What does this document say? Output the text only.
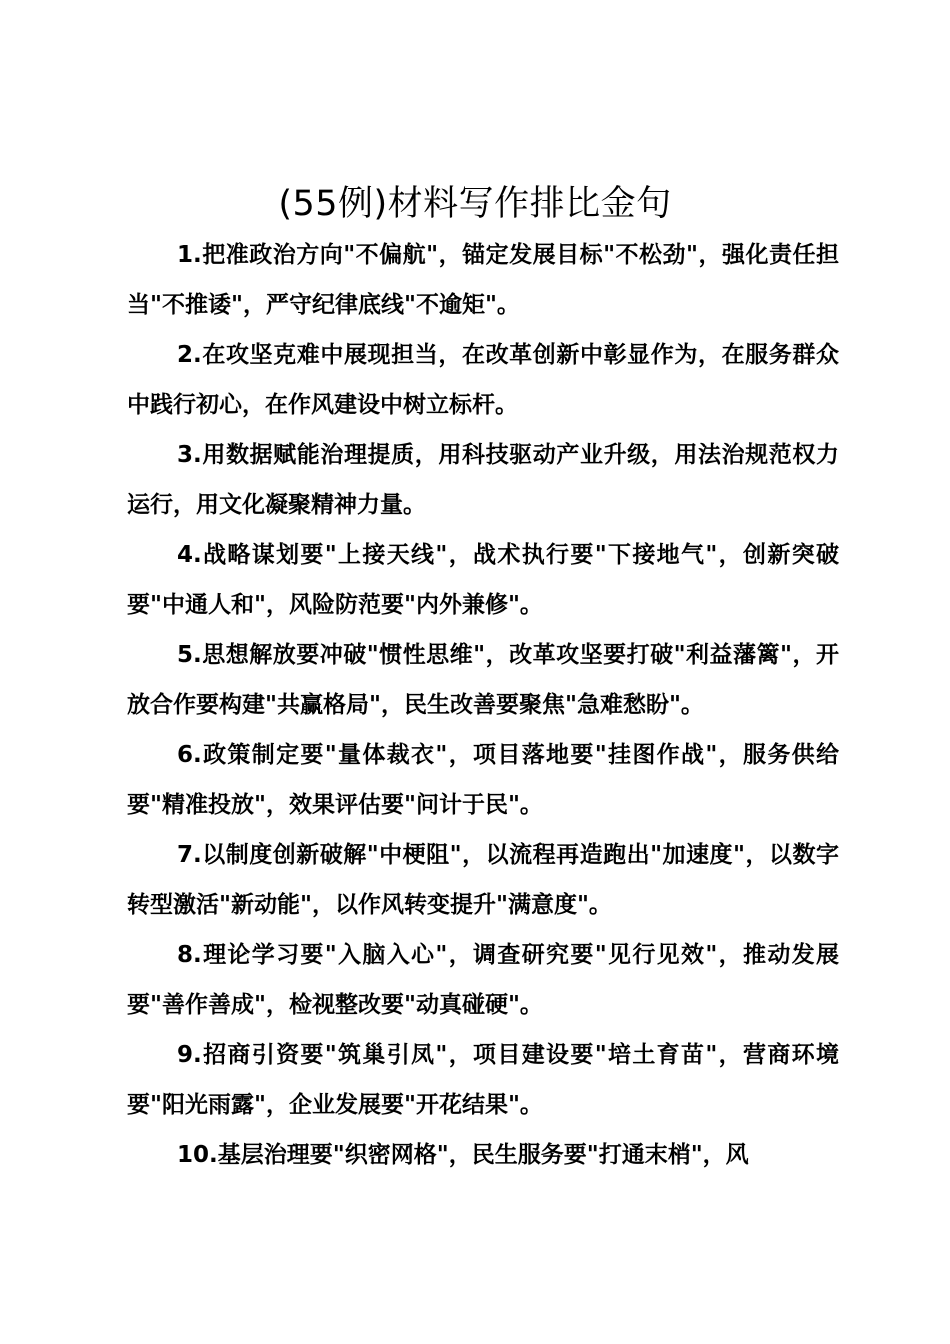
(55例)材料写作排比金句

1.把准政治方向"不偏航"，锚定发展目标"不松劲"，强化责任担当"不推诿"，严守纪律底线"不逾矩"。

2.在攻坚克难中展现担当，在改革创新中彰显作为，在服务群众中践行初心，在作风建设中树立标杆。

3.用数据赋能治理提质，用科技驱动产业升级，用法治规范权力运行，用文化凝聚精神力量。

4.战略谋划要"上接天线"，战术执行要"下接地气"，创新突破要"中通人和"，风险防范要"内外兼修"。

5.思想解放要冲破"惯性思维"，改革攻坚要打破"利益藩篱"，开放合作要构建"共赢格局"，民生改善要聚焦"急难愁盼"。

6.政策制定要"量体裁衣"，项目落地要"挂图作战"，服务供给要"精准投放"，效果评估要"问计于民"。

7.以制度创新破解"中梗阻"，以流程再造跑出"加速度"，以数字转型激活"新动能"，以作风转变提升"满意度"。

8.理论学习要"入脑入心"，调查研究要"见行见效"，推动发展要"善作善成"，检视整改要"动真碰硬"。

9.招商引资要"筑巢引凤"，项目建设要"培土育苗"，营商环境要"阳光雨露"，企业发展要"开花结果"。

10.基层治理要"织密网格"，民生服务要"打通末梢"，风
